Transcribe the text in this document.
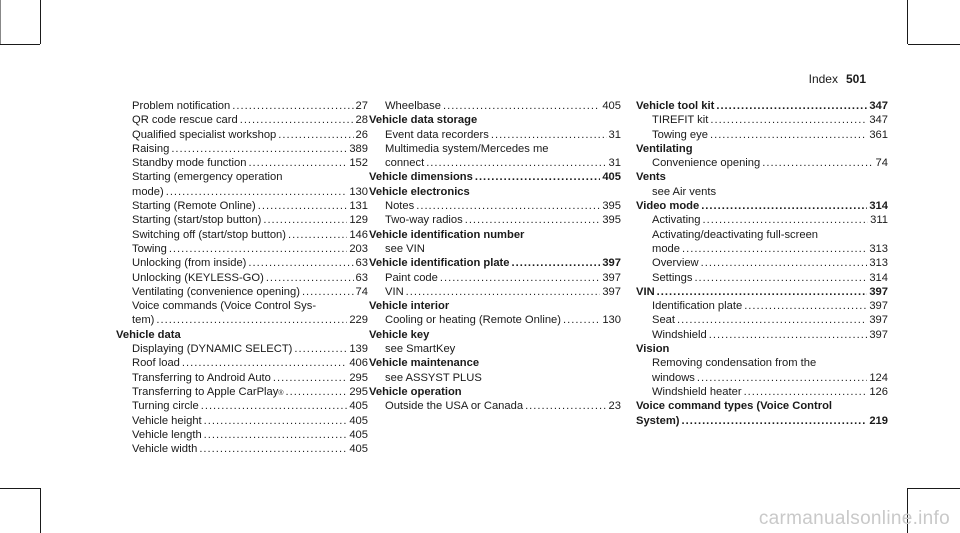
Index 501
Problem notification .....	27
QR code rescue card .....	28
Qualified specialist workshop .....	26
Raising .....	389
Standby mode function .....	152
Starting (emergency operation
mode) .....	130
Starting (Remote Online) .....	131
Starting (start/stop button) .....	129
Switching off (start/stop button) .....	146
Towing .....	203
Unlocking (from inside) .....	63
Unlocking (KEYLESS-GO) .....	63
Ventilating (convenience opening) .....	74
Voice commands (Voice Control Sys-
tem) .....	229
Vehicle data
Displaying (DYNAMIC SELECT) .....	139
Roof load .....	406
Transferring to Android Auto .....	295
Transferring to Apple CarPlay ® .....	295
Turning circle .....	405
Vehicle height .....	405
Vehicle length .....	405
Vehicle width .....	405
Wheelbase .....	405
Vehicle data storage
Event data recorders .....	31
Multimedia system/Mercedes me
connect .....	31
Vehicle dimensions .....	405
Vehicle electronics
Notes .....	395
Two-way radios .....	395
Vehicle identification number
see VIN
Vehicle identification plate .....	397
Paint code .....	397
VIN .....	397
Vehicle interior
Cooling or heating (Remote Online) .....	130
Vehicle key
see SmartKey
Vehicle maintenance
see ASSYST PLUS
Vehicle operation
Outside the USA or Canada .....	23
Vehicle tool kit .....	347
TIREFIT kit .....	347
Towing eye .....	361
Ventilating
Convenience opening .....	74
Vents
see Air vents
Video mode .....	314
Activating .....	311
Activating/deactivating full-screen
mode .....	313
Overview .....	313
Settings .....	314
VIN .....	397
Identification plate .....	397
Seat .....	397
Windshield .....	397
Vision
Removing condensation from the
windows .....	124
Windshield heater .....	126
Voice command types (Voice Control
System) .....	219
carmanualsonline.info
